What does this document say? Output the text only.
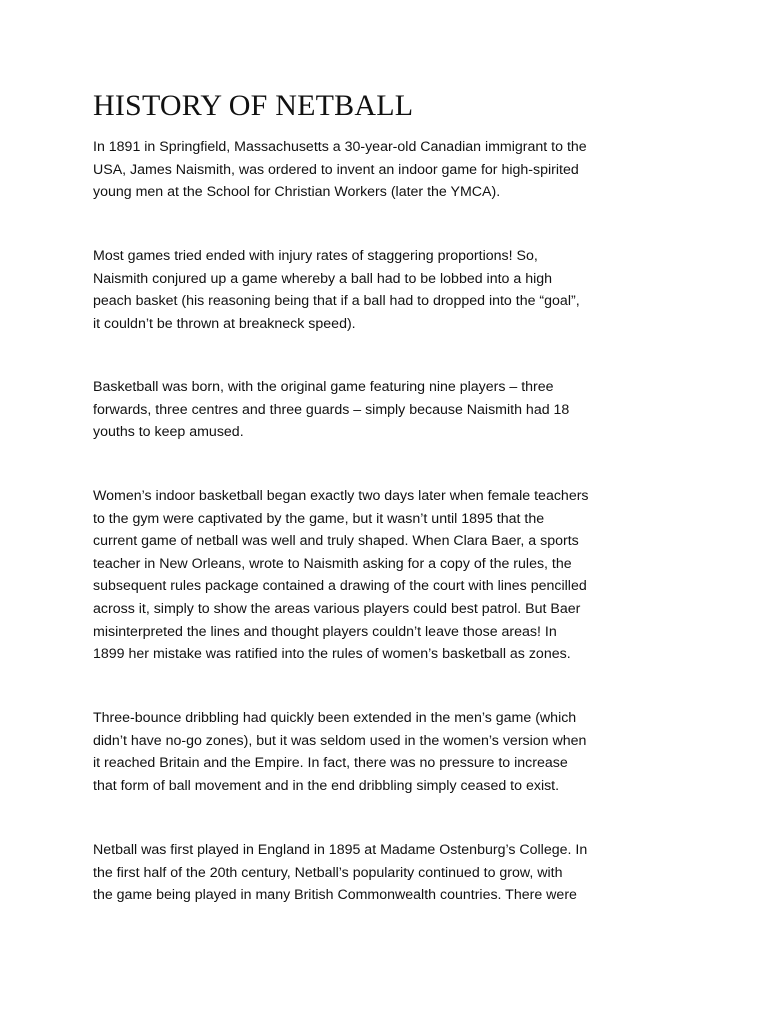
HISTORY OF NETBALL

In 1891 in Springfield, Massachusetts a 30-year-old Canadian immigrant to the
USA, James Naismith, was ordered to invent an indoor game for high-spirited
young men at the School for Christian Workers (later the YMCA).

Most games tried ended with injury rates of staggering proportions! So,
Naismith conjured up a game whereby a ball had to be lobbed into a high
peach basket (his reasoning being that if a ball had to dropped into the “goal”,
it couldn’t be thrown at breakneck speed).

Basketball was born, with the original game featuring nine players – three
forwards, three centres and three guards – simply because Naismith had 18
youths to keep amused.

Women’s indoor basketball began exactly two days later when female teachers
to the gym were captivated by the game, but it wasn’t until 1895 that the
current game of netball was well and truly shaped. When Clara Baer, a sports
teacher in New Orleans, wrote to Naismith asking for a copy of the rules, the
subsequent rules package contained a drawing of the court with lines pencilled
across it, simply to show the areas various players could best patrol. But Baer
misinterpreted the lines and thought players couldn’t leave those areas! In
1899 her mistake was ratified into the rules of women’s basketball as zones.

Three-bounce dribbling had quickly been extended in the men’s game (which
didn’t have no-go zones), but it was seldom used in the women’s version when
it reached Britain and the Empire. In fact, there was no pressure to increase
that form of ball movement and in the end dribbling simply ceased to exist.

Netball was first played in England in 1895 at Madame Ostenburg’s College. In
the first half of the 20th century, Netball’s popularity continued to grow, with
the game being played in many British Commonwealth countries. There were
